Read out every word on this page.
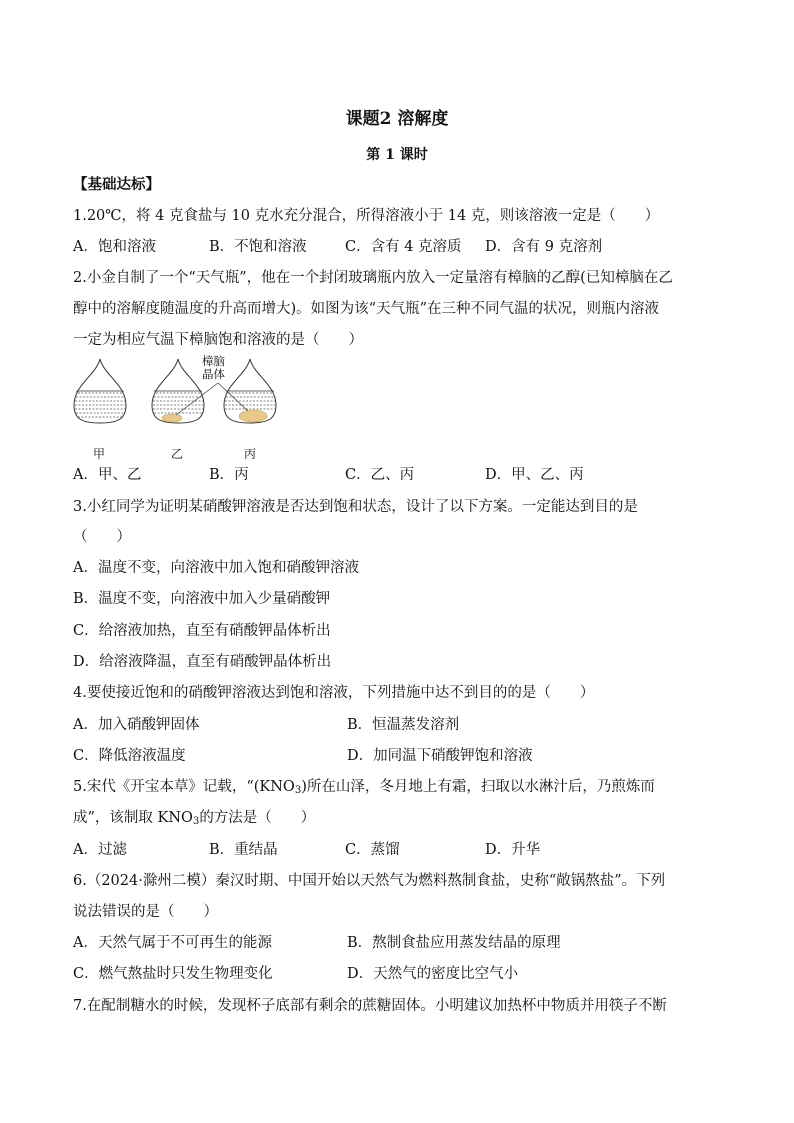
课题2 溶解度
第 1 课时
【基础达标】
1.20℃，将 4 克食盐与 10 克水充分混合，所得溶液小于 14 克，则该溶液一定是（　　）
A．饱和溶液	B．不饱和溶液	C．含有 4 克溶质 D．含有 9 克溶剂
2.小金自制了一个“天气瓶”，他在一个封闭玻璃瓶内放入一定量溶有樟脑的乙醇(已知樟脑在乙
醇中的溶解度随温度的升高而增大)。如图为该“天气瓶”在三种不同气温的状况，则瓶内溶液
一定为相应气温下樟脑饱和溶液的是（　　）
樟脑
晶体
甲	乙	丙
A．甲、乙	B．丙	C．乙、丙	D．甲、乙、丙
3.小红同学为证明某硝酸钾溶液是否达到饱和状态，设计了以下方案。一定能达到目的是
（　　）
A．温度不变，向溶液中加入饱和硝酸钾溶液
B．温度不变，向溶液中加入少量硝酸钾
C．给溶液加热，直至有硝酸钾晶体析出
D．给溶液降温，直至有硝酸钾晶体析出
4.要使接近饱和的硝酸钾溶液达到饱和溶液，下列措施中达不到目的的是（　　）
A．加入硝酸钾固体	B．恒温蒸发溶剂
C．降低溶液温度	D．加同温下硝酸钾饱和溶液
5.宋代《开宝本草》记载，“$(KNO_3)$所在山泽，冬月地上有霜，扫取以水淋汁后，乃煎炼而
成”，该制取 $KNO_3$的方法是（　　）
A．过滤	B．重结晶	C．蒸馏	D．升华
6.（2024·滁州二模）秦汉时期、中国开始以天然气为燃料熬制食盐，史称“敞锅熬盐”。下列
说法错误的是（　　）
A．天然气属于不可再生的能源	B．熬制食盐应用蒸发结晶的原理
C．燃气熬盐时只发生物理变化	D．天然气的密度比空气小
7.在配制糖水的时候，发现杯子底部有剩余的蔗糖固体。小明建议加热杯中物质并用筷子不断
